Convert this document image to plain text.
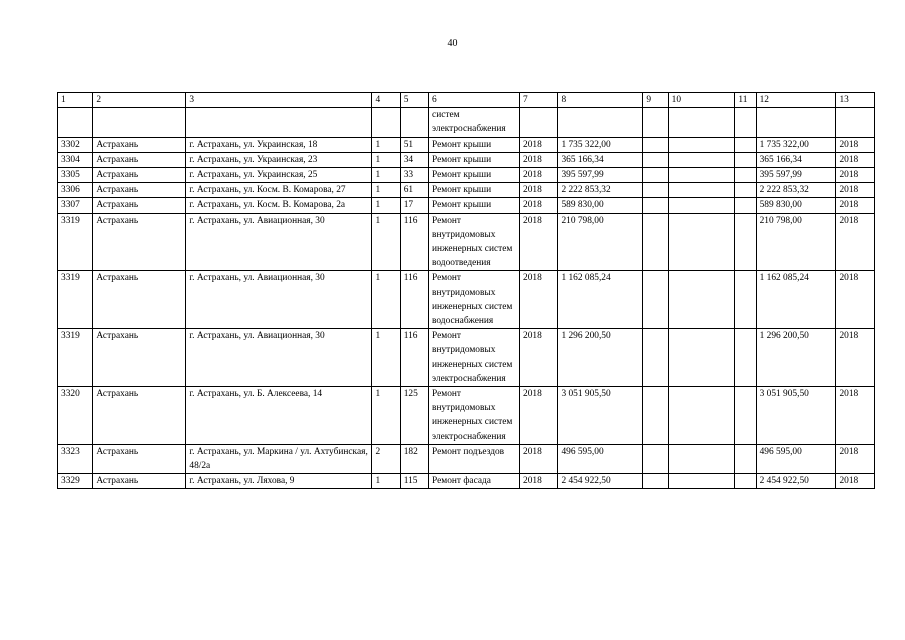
40
1	2	3	4	5	6	7	8	9	10	11	12	13
					систем электроснабжения							
3302	Астрахань	г. Астрахань, ул. Украинская, 18	1	51	Ремонт крыши	2018	1 735 322,00				1 735 322,00	2018
3304	Астрахань	г. Астрахань, ул. Украинская, 23	1	34	Ремонт крыши	2018	365 166,34				365 166,34	2018
3305	Астрахань	г. Астрахань, ул. Украинская, 25	1	33	Ремонт крыши	2018	395 597,99				395 597,99	2018
3306	Астрахань	г. Астрахань, ул. Косм. В. Комарова, 27	1	61	Ремонт крыши	2018	2 222 853,32				2 222 853,32	2018
3307	Астрахань	г. Астрахань, ул. Косм. В. Комарова, 2а	1	17	Ремонт крыши	2018	589 830,00				589 830,00	2018
3319	Астрахань	г. Астрахань, ул. Авиационная, 30	1	116	Ремонт внутридомовых инженерных систем водоотведения	2018	210 798,00				210 798,00	2018
3319	Астрахань	г. Астрахань, ул. Авиационная, 30	1	116	Ремонт внутридомовых инженерных систем водоснабжения	2018	1 162 085,24				1 162 085,24	2018
3319	Астрахань	г. Астрахань, ул. Авиационная, 30	1	116	Ремонт внутридомовых инженерных систем электроснабжения	2018	1 296 200,50				1 296 200,50	2018
3320	Астрахань	г. Астрахань, ул. Б. Алексеева, 14	1	125	Ремонт внутридомовых инженерных систем электроснабжения	2018	3 051 905,50				3 051 905,50	2018
3323	Астрахань	г. Астрахань, ул. Маркина / ул. Ахтубинская, 48/2а	2	182	Ремонт подъездов	2018	496 595,00				496 595,00	2018
3329	Астрахань	г. Астрахань, ул. Ляхова, 9	1	115	Ремонт фасада	2018	2 454 922,50				2 454 922,50	2018
